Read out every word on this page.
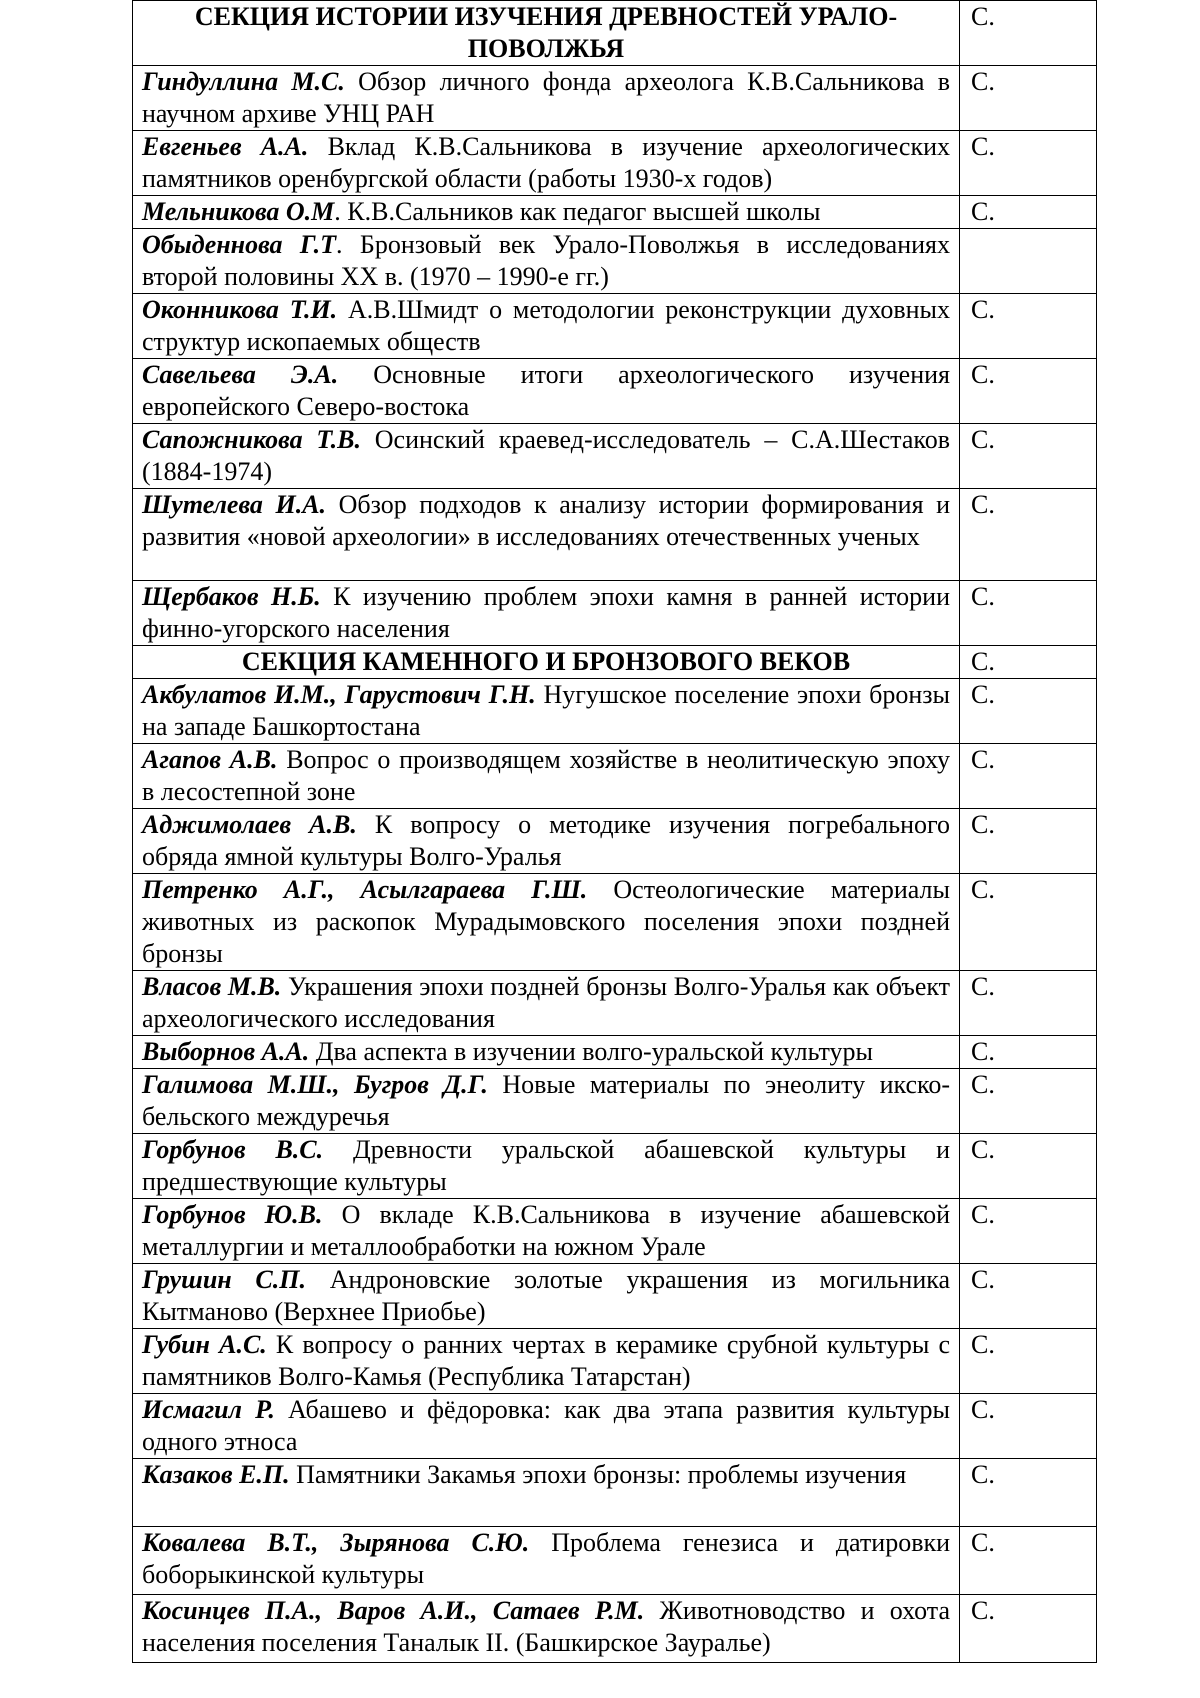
СЕКЦИЯ ИСТОРИИ ИЗУЧЕНИЯ ДРЕВНОСТЕЙ УРАЛО-ПОВОЛЖЬЯ	С.
Гиндуллина М.С. Обзор личного фонда археолога К.В.Сальникова в научном архиве УНЦ РАН	С.
Евгеньев А.А. Вклад К.В.Сальникова в изучение археологических памятников оренбургской области (работы 1930-х годов)	С.
Мельникова О.М. К.В.Сальников как педагог высшей школы	С.
Обыденнова Г.Т. Бронзовый век Урало-Поволжья в исследованиях второй половины XX в. (1970 – 1990-е гг.)	
Оконникова Т.И. А.В.Шмидт о методологии реконструкции духовных структур ископаемых обществ	С.
Савельева Э.А. Основные итоги археологического изучения европейского Северо-востока	С.
Сапожникова Т.В. Осинский краевед-исследователь – С.А.Шестаков (1884-1974)	С.
Шутелева И.А. Обзор подходов к анализу истории формирования и развития «новой археологии» в исследованиях отечественных ученых	С.
Щербаков Н.Б. К изучению проблем эпохи камня в ранней истории финно-угорского населения	С.
СЕКЦИЯ КАМЕННОГО И БРОНЗОВОГО ВЕКОВ	С.
Акбулатов И.М., Гарустович Г.Н. Нугушское поселение эпохи бронзы на западе Башкортостана	С.
Агапов А.В. Вопрос о производящем хозяйстве в неолитическую эпоху в лесостепной зоне	С.
Аджимолаев А.В. К вопросу о методике изучения погребального обряда ямной культуры Волго-Уралья	С.
Петренко А.Г., Асылгараева Г.Ш. Остеологические материалы животных из раскопок Мурадымовского поселения эпохи поздней бронзы	С.
Власов М.В. Украшения эпохи поздней бронзы Волго-Уралья как объект археологического исследования	С.
Выборнов А.А. Два аспекта в изучении волго-уральской культуры	С.
Галимова М.Ш., Бугров Д.Г. Новые материалы по энеолиту икско-бельского междуречья	С.
Горбунов В.С. Древности уральской абашевской культуры и предшествующие культуры	С.
Горбунов Ю.В. О вкладе К.В.Сальникова в изучение абашевской металлургии и металлообработки на южном Урале	С.
Грушин С.П. Андроновские золотые украшения из могильника Кытманово (Верхнее Приобье)	С.
Губин А.С. К вопросу о ранних чертах в керамике срубной культуры с памятников Волго-Камья (Республика Татарстан)	С.
Исмагил Р. Абашево и фёдоровка: как два этапа развития культуры одного этноса	С.
Казаков Е.П. Памятники Закамья эпохи бронзы: проблемы изучения	С.
Ковалева В.Т., Зырянова С.Ю. Проблема генезиса и датировки боборыкинской культуры	С.
Косинцев П.А., Варов А.И., Сатаев Р.М. Животноводство и охота населения поселения Таналык II. (Башкирское Зауралье)	С.
